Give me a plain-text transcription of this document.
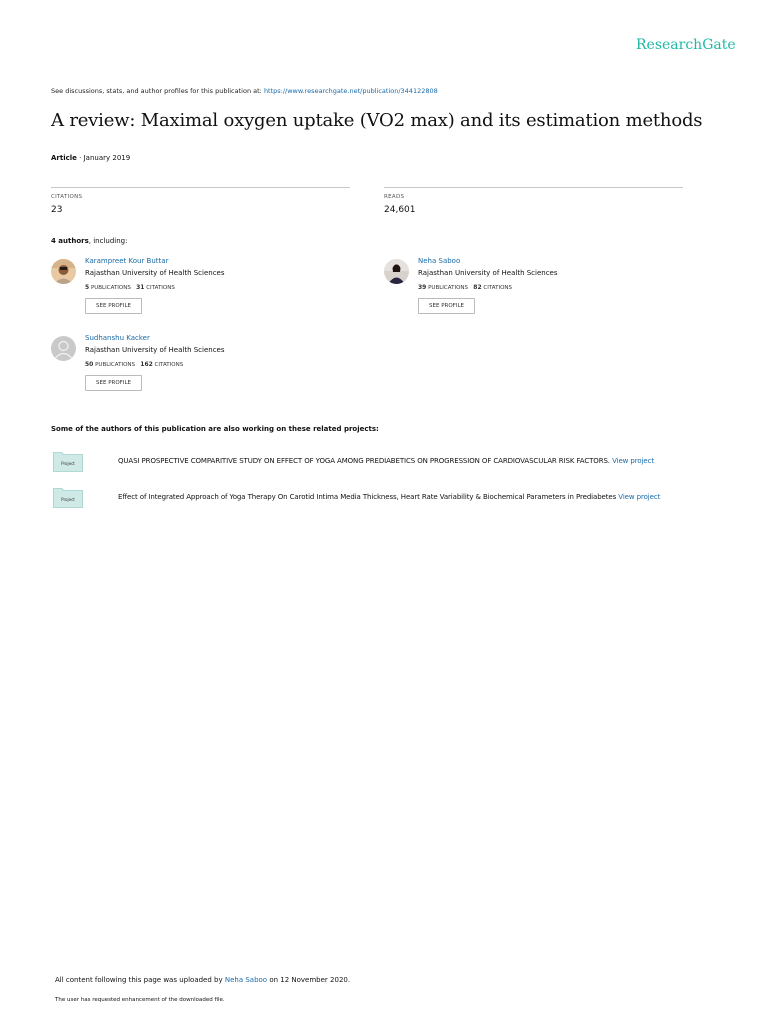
ResearchGate
See discussions, stats, and author profiles for this publication at: https://www.researchgate.net/publication/344122808
A review: Maximal oxygen uptake (VO2 max) and its estimation methods
Article · January 2019
CITATIONS
23
READS
24,601
4 authors, including:
Karampreet Kour Buttar
Rajasthan University of Health Sciences
5 PUBLICATIONS 31 CITATIONS
SEE PROFILE
Neha Saboo
Rajasthan University of Health Sciences
39 PUBLICATIONS 82 CITATIONS
SEE PROFILE
Sudhanshu Kacker
Rajasthan University of Health Sciences
50 PUBLICATIONS 162 CITATIONS
SEE PROFILE
Some of the authors of this publication are also working on these related projects:
Project	QUASI PROSPECTIVE COMPARITIVE STUDY ON EFFECT OF YOGA AMONG PREDIABETICS ON PROGRESSION OF CARDIOVASCULAR RISK FACTORS. View project
Project	Effect of Integrated Approach of Yoga Therapy On Carotid Intima Media Thickness, Heart Rate Variability & Biochemical Parameters in Prediabetes View project
All content following this page was uploaded by Neha Saboo on 12 November 2020.
The user has requested enhancement of the downloaded file.
